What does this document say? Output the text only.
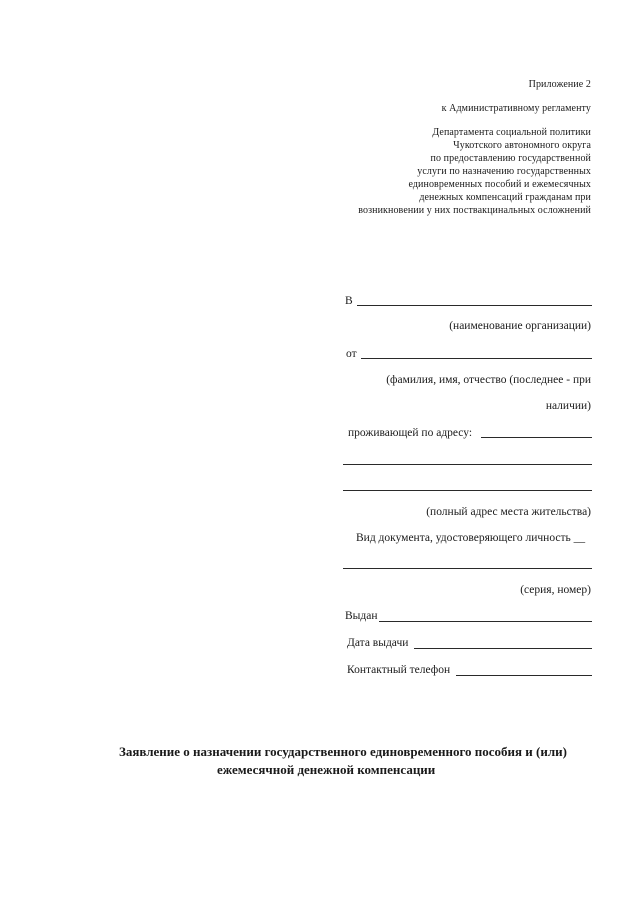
Приложение 2
к Административному регламенту
Департамента социальной политики
Чукотского автономного округа
по предоставлению государственной
услуги по назначению государственных
единовременных пособий и ежемесячных
денежных компенсаций гражданам при
возникновении у них поствакцинальных осложнений
В
(наименование организации)
от
(фамилия, имя, отчество (последнее - при
наличии)
проживающей по адресу:
(полный адрес места жительства)
Вид документа, удостоверяющего личность __
(серия, номер)
Выдан
Дата выдачи
Контактный телефон
Заявление о назначении государственного единовременного пособия и (или)
ежемесячной денежной компенсации
